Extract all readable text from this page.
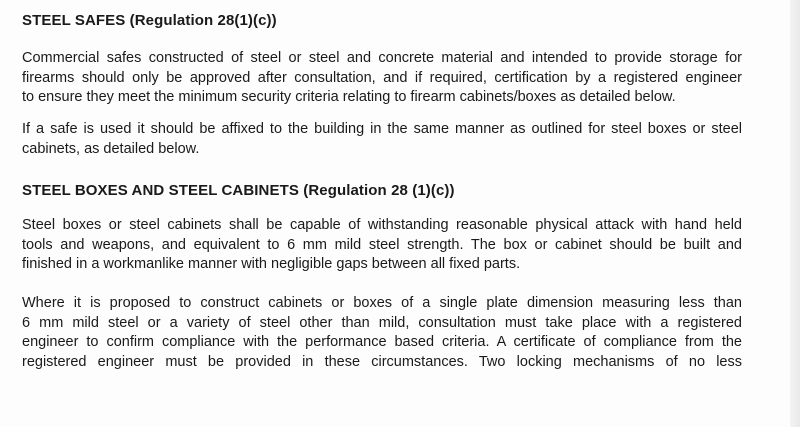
STEEL SAFES (Regulation 28(1)(c))

Commercial safes constructed of steel or steel and concrete material and intended to provide storage for
firearms should only be approved after consultation, and if required, certification by a registered engineer
to ensure they meet the minimum security criteria relating to firearm cabinets/boxes as detailed below.

If a safe is used it should be affixed to the building in the same manner as outlined for steel boxes or steel
cabinets, as detailed below.

STEEL BOXES AND STEEL CABINETS (Regulation 28 (1)(c))

Steel boxes or steel cabinets shall be capable of withstanding reasonable physical attack with hand held
tools and weapons, and equivalent to 6 mm mild steel strength. The box or cabinet should be built and
finished in a workmanlike manner with negligible gaps between all fixed parts.

Where it is proposed to construct cabinets or boxes of a single plate dimension measuring less than
6 mm mild steel or a variety of steel other than mild, consultation must take place with a registered
engineer to confirm compliance with the performance based criteria. A certificate of compliance from the
registered engineer must be provided in these circumstances. Two locking mechanisms of no less
